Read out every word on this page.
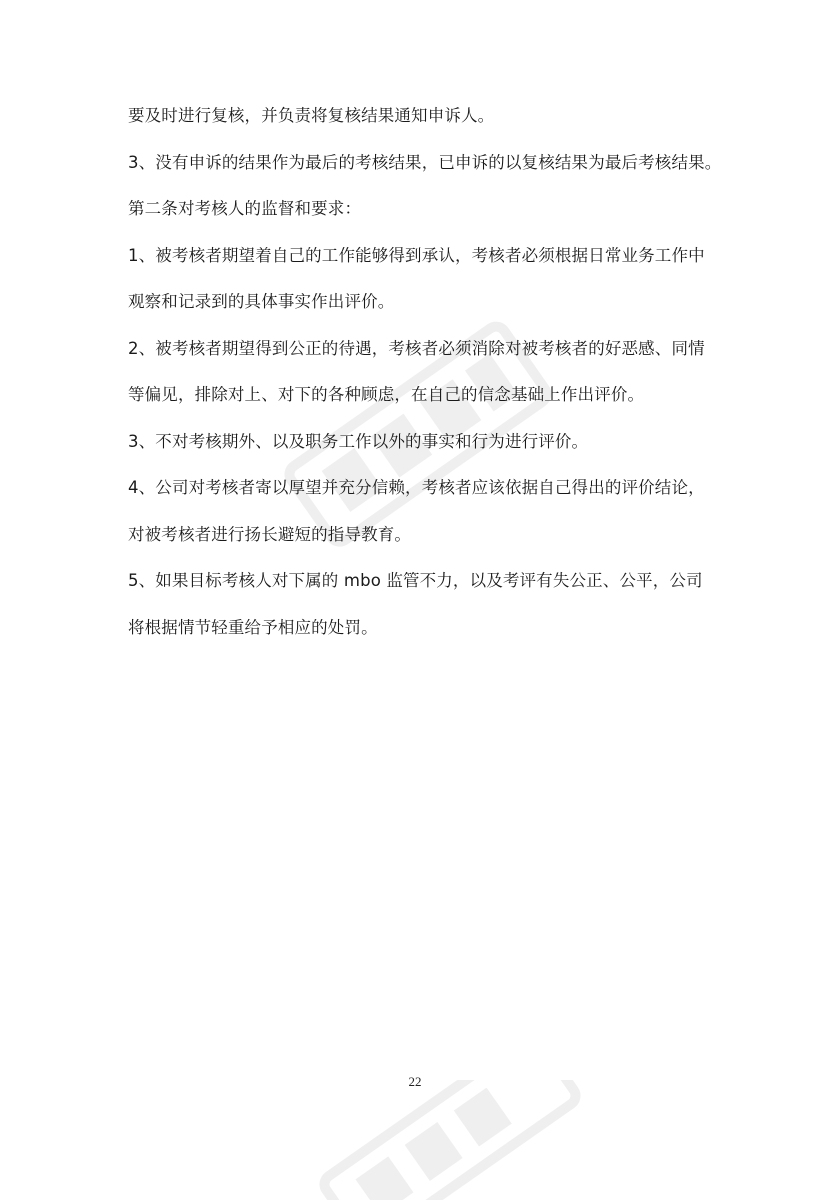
要及时进行复核，并负责将复核结果通知申诉人。

3、没有申诉的结果作为最后的考核结果，已申诉的以复核结果为最后考核结果。

第二条对考核人的监督和要求：

1、被考核者期望着自己的工作能够得到承认，考核者必须根据日常业务工作中

观察和记录到的具体事实作出评价。

2、被考核者期望得到公正的待遇，考核者必须消除对被考核者的好恶感、同情

等偏见，排除对上、对下的各种顾虑，在自己的信念基础上作出评价。

3、不对考核期外、以及职务工作以外的事实和行为进行评价。

4、公司对考核者寄以厚望并充分信赖，考核者应该依据自己得出的评价结论，

对被考核者进行扬长避短的指导教育。

5、如果目标考核人对下属的 mbo 监管不力，以及考评有失公正、公平，公司

将根据情节轻重给予相应的处罚。

22
